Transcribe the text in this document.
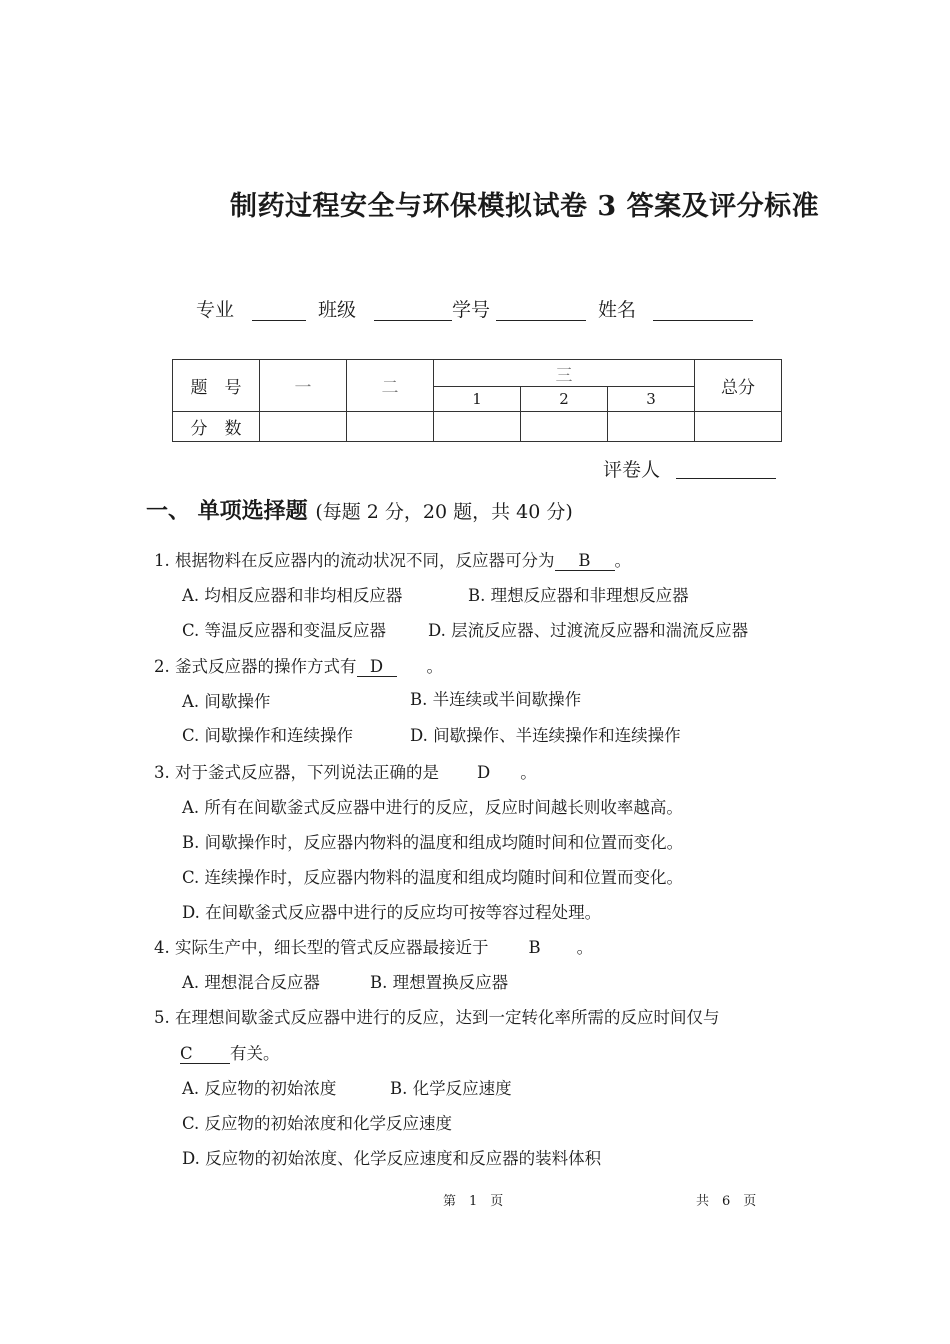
制药过程安全与环保模拟试卷 3 答案及评分标准
专业	班级	学号	姓名
题　号	一	二	三			总分
			1	2	3	
分　数						
评卷人
一、 单项选择题 (每题 2 分，20 题，共 40 分)
1. 根据物料在反应器内的流动状况不同，反应器可分为 B 。
A. 均相反应器和非均相反应器	B. 理想反应器和非理想反应器
C. 等温反应器和变温反应器	D. 层流反应器、过渡流反应器和湍流反应器
2. 釜式反应器的操作方式有 D	。
A. 间歇操作	B. 半连续或半间歇操作
C. 间歇操作和连续操作	D. 间歇操作、半连续操作和连续操作
3. 对于釜式反应器，下列说法正确的是 D 。
A. 所有在间歇釜式反应器中进行的反应，反应时间越长则收率越高。
B. 间歇操作时，反应器内物料的温度和组成均随时间和位置而变化。
C. 连续操作时，反应器内物料的温度和组成均随时间和位置而变化。
D. 在间歇釜式反应器中进行的反应均可按等容过程处理。
4. 实际生产中，细长型的管式反应器最接近于 B 。
A. 理想混合反应器	B. 理想置换反应器
5. 在理想间歇釜式反应器中进行的反应，达到一定转化率所需的反应时间仅与
C 有关。
A. 反应物的初始浓度	B. 化学反应速度
C. 反应物的初始浓度和化学反应速度
D. 反应物的初始浓度、化学反应速度和反应器的装料体积
第　1　页	共　6　页
